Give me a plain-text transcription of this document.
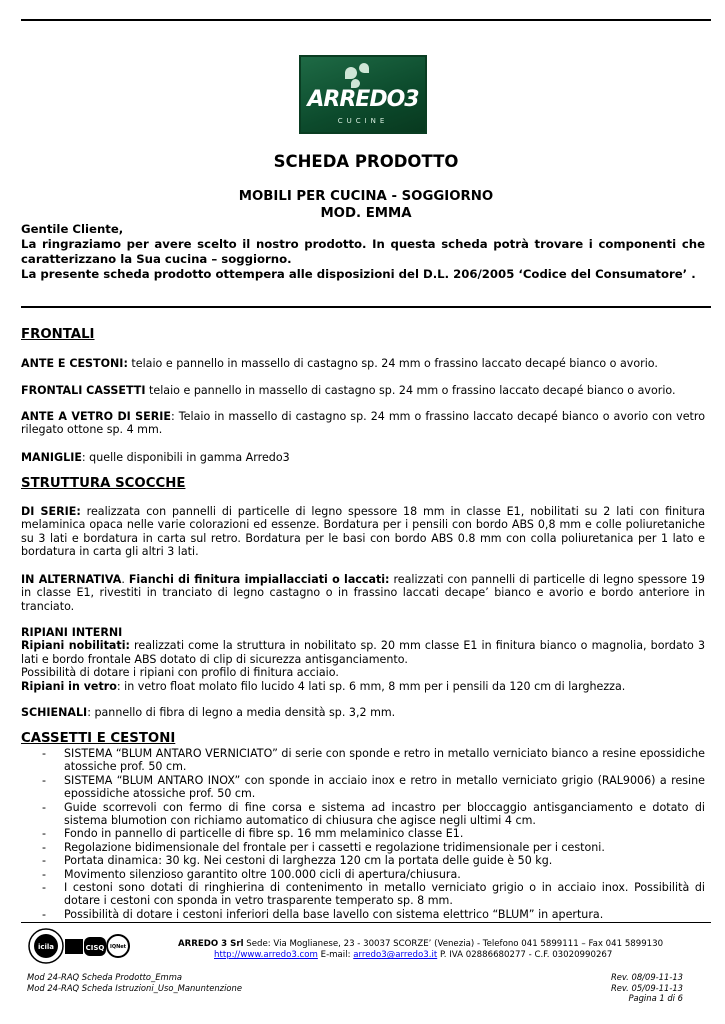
ARREDO3
CUCINE
SCHEDA PRODOTTO
MOBILI PER CUCINA - SOGGIORNO
MOD. EMMA

Gentile Cliente,

La ringraziamo per avere scelto il nostro prodotto. In questa scheda potrà trovare i componenti che caratterizzano la Sua cucina – soggiorno.

La presente scheda prodotto ottempera alle disposizioni del D.L. 206/2005 ‘Codice del Consumatore’ .

FRONTALI
ANTE E CESTONI: telaio e pannello in massello di castagno sp. 24 mm o frassino laccato decapé bianco o avorio.
FRONTALI CASSETTI telaio e pannello in massello di castagno sp. 24 mm o frassino laccato decapé bianco o avorio.
ANTE A VETRO DI SERIE: Telaio in massello di castagno sp. 24 mm o frassino laccato decapé bianco o avorio con vetro rilegato ottone sp. 4 mm.
MANIGLIE: quelle disponibili in gamma Arredo3
STRUTTURA SCOCCHE
DI SERIE: realizzata con pannelli di particelle di legno spessore 18 mm in classe E1, nobilitati su 2 lati con finitura melaminica opaca nelle varie colorazioni ed essenze. Bordatura per i pensili con bordo ABS 0,8 mm e colle poliuretaniche su 3 lati e bordatura in carta sul retro. Bordatura per le basi con bordo ABS 0.8 mm con colla poliuretanica per 1 lato e bordatura in carta gli altri 3 lati.
IN ALTERNATIVA. Fianchi di finitura impiallacciati o laccati: realizzati con pannelli di particelle di legno spessore 19 in classe E1, rivestiti in tranciato di legno castagno o in frassino laccati decape’ bianco e avorio e bordo anteriore in tranciato.

RIPIANI INTERNI

Ripiani nobilitati: realizzati come la struttura in nobilitato sp. 20 mm classe E1 in finitura bianco o magnolia, bordato 3 lati e bordo frontale ABS dotato di clip di sicurezza antisganciamento.

Possibilità di dotare i ripiani con profilo di finitura acciaio.

Ripiani in vetro: in vetro float molato filo lucido 4 lati sp. 6 mm, 8 mm per i pensili da 120 cm di larghezza.

SCHIENALI: pannello di fibra di legno a media densità sp. 3,2 mm.
CASSETTI E CESTONI
- SISTEMA “BLUM ANTARO VERNICIATO” di serie con sponde e retro in metallo verniciato bianco a resine epossidiche atossiche prof. 50 cm.
- SISTEMA “BLUM ANTARO INOX” con sponde in acciaio inox e retro in metallo verniciato grigio (RAL9006) a resine epossidiche atossiche prof. 50 cm.
- Guide scorrevoli con fermo di fine corsa e sistema ad incastro per bloccaggio antisganciamento e dotato di sistema blumotion con richiamo automatico di chiusura che agisce negli ultimi 4 cm.
- Fondo in pannello di particelle di fibre sp. 16 mm melaminico classe E1.
- Regolazione bidimensionale del frontale per i cassetti e regolazione tridimensionale per i cestoni.
- Portata dinamica: 30 kg. Nei cestoni di larghezza 120 cm la portata delle guide è 50 kg.
- Movimento silenzioso garantito oltre 100.000 cicli di apertura/chiusura.
- I cestoni sono dotati di ringhierina di contenimento in metallo verniciato grigio o in acciaio inox. Possibilità di dotare i cestoni con sponda in vetro trasparente temperato sp. 8 mm.
- Possibilità di dotare i cestoni inferiori della base lavello con sistema elettrico “BLUM” in apertura.
icila	CISQ IQNet	ARREDO 3 Srl Sede: Via Moglianese, 23 - 30037 SCORZE’ (Venezia) - Telefono 041 5899111 – Fax 041 5899130
http://www.arredo3.com E-mail: arredo3@arredo3.it P. IVA 02886680277 - C.F. 03020990267
Mod 24-RAQ Scheda Prodotto_Emma
Mod 24-RAQ Scheda Istruzioni_Uso_Manuntenzione
Rev. 08/09-11-13
Rev. 05/09-11-13
Pagina 1 di 6
